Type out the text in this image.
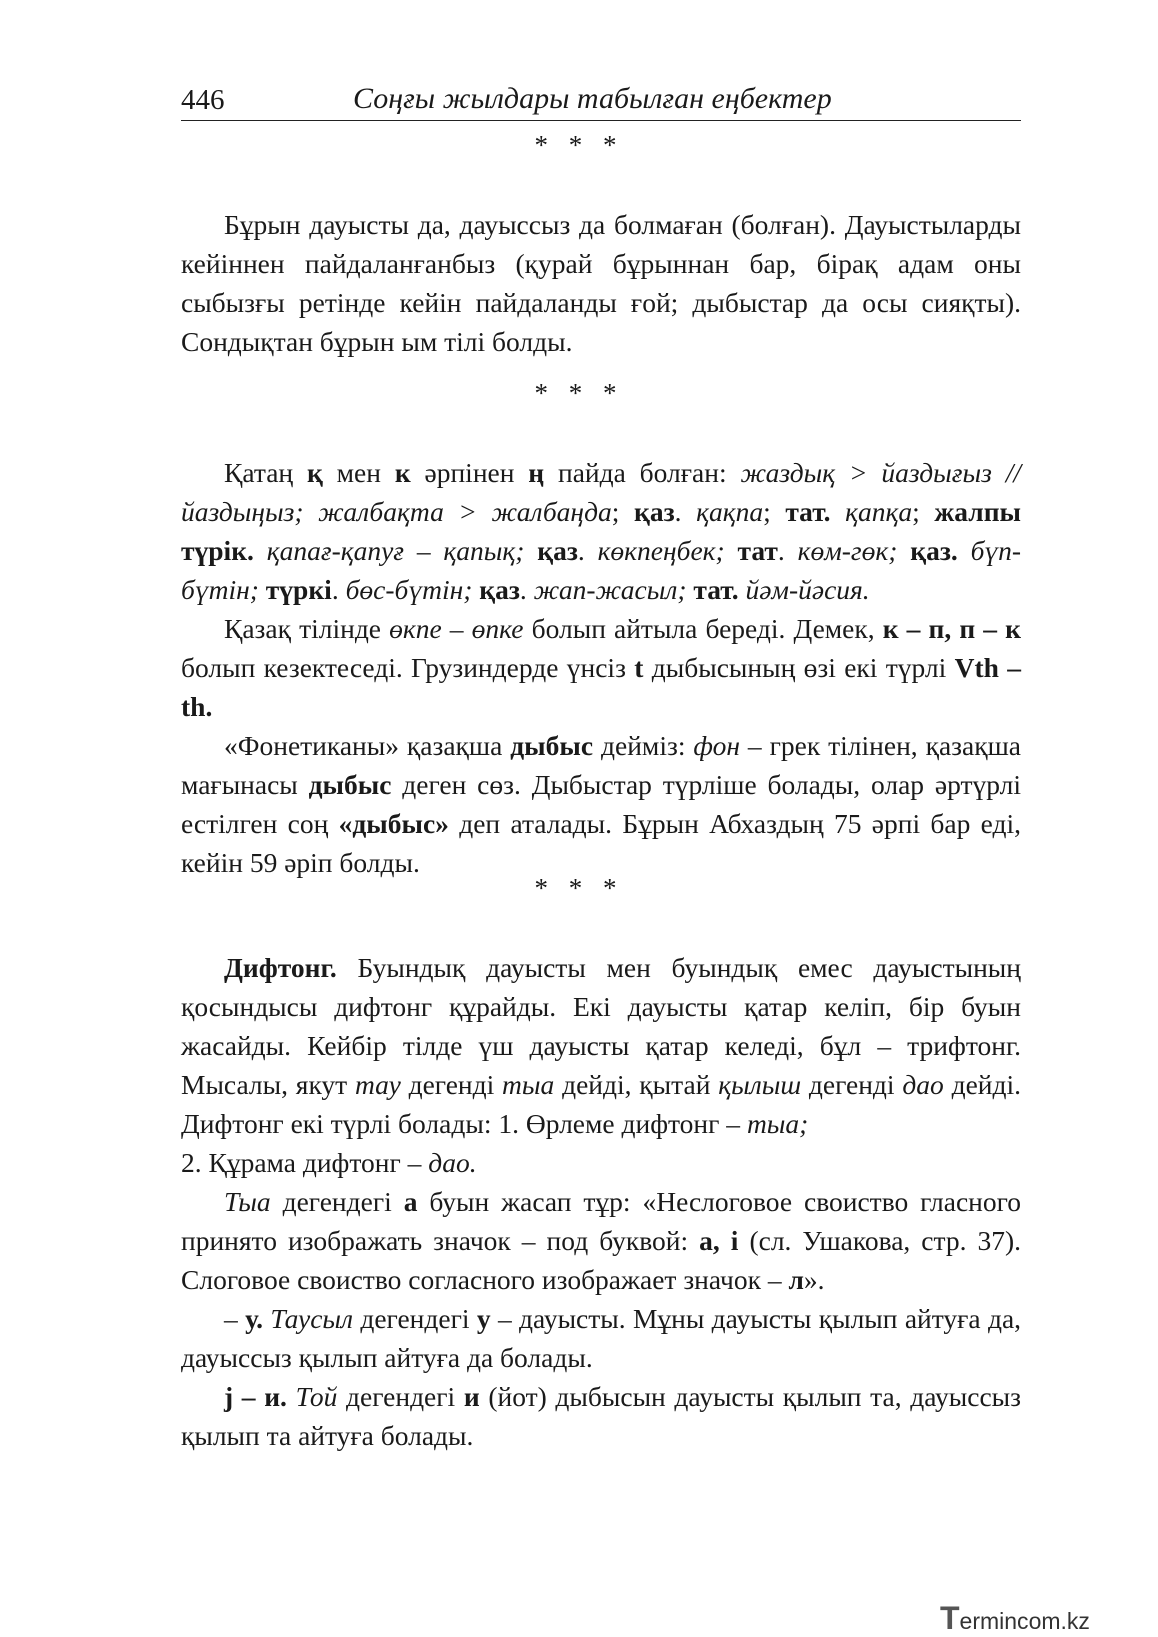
446	Соңғы жылдары табылған еңбектер
* * *

Бұрын дауысты да, дауыссыз да болмаған (болған). Дауыстыларды кейіннен пайдаланғанбыз (қурай бұрыннан бар, бірақ адам оны сыбызғы ретінде кейін пайдаланды ғой; дыбыстар да осы сияқты). Сондықтан бұрын ым тілі болды.

* * *

Қатаң қ мен к әрпінен ң пайда болған: жаздық > йаздығыз // йаздыңыз; жалбақта > жалбаңда; қаз. қақпа; тат. қапқа; жалпы түрік. қапағ-қапуғ – қапық; қаз. көкпеңбек; тат. көм-гөк; қаз. бүп-бүтін; түркі. бөс-бүтін; қаз. жап-жасыл; тат. йәм-йәсия.

Қазақ тілінде өкпе – өпке болып айтыла береді. Демек, к – п, п – к болып кезектеседі. Грузиндерде үнсіз t дыбысының өзі екі түрлі Vth – th.

«Фонетиканы» қазақша дыбыс дейміз: фон – грек тілінен, қазақша мағынасы дыбыс деген сөз. Дыбыстар түрліше болады, олар әртүрлі естілген соң «дыбыс» деп аталады. Бұрын Абхаздың 75 әрпі бар еді, кейін 59 әріп болды.

* * *

Дифтонг. Буындық дауысты мен буындық емес дауыстының қосындысы дифтонг құрайды. Екі дауысты қатар келіп, бір буын жасайды. Кейбір тілде үш дауысты қатар келеді, бұл – трифтонг. Мысалы, якут тау дегенді тыа дейді, қытай қылыш дегенді дао дейді. Дифтонг екі түрлі болады: 1. Өрлеме дифтонг – тыа;

2. Құрама дифтонг – дао.

Тыа дегендегі а буын жасап тұр: «Неслоговое своиство гласного принято изображать значок – под буквой: а, і (сл. Ушакова, стр. 37). Слоговое своиство согласного изображает значок – л».

– у. Таусыл дегендегі у – дауысты. Мұны дауысты қылып айтуға да, дауыссыз қылып айтуға да болады.

j – и. Той дегендегі и (йот) дыбысын дауысты қылып та, дауыссыз қылып та айтуға болады.

Termincom.kz
